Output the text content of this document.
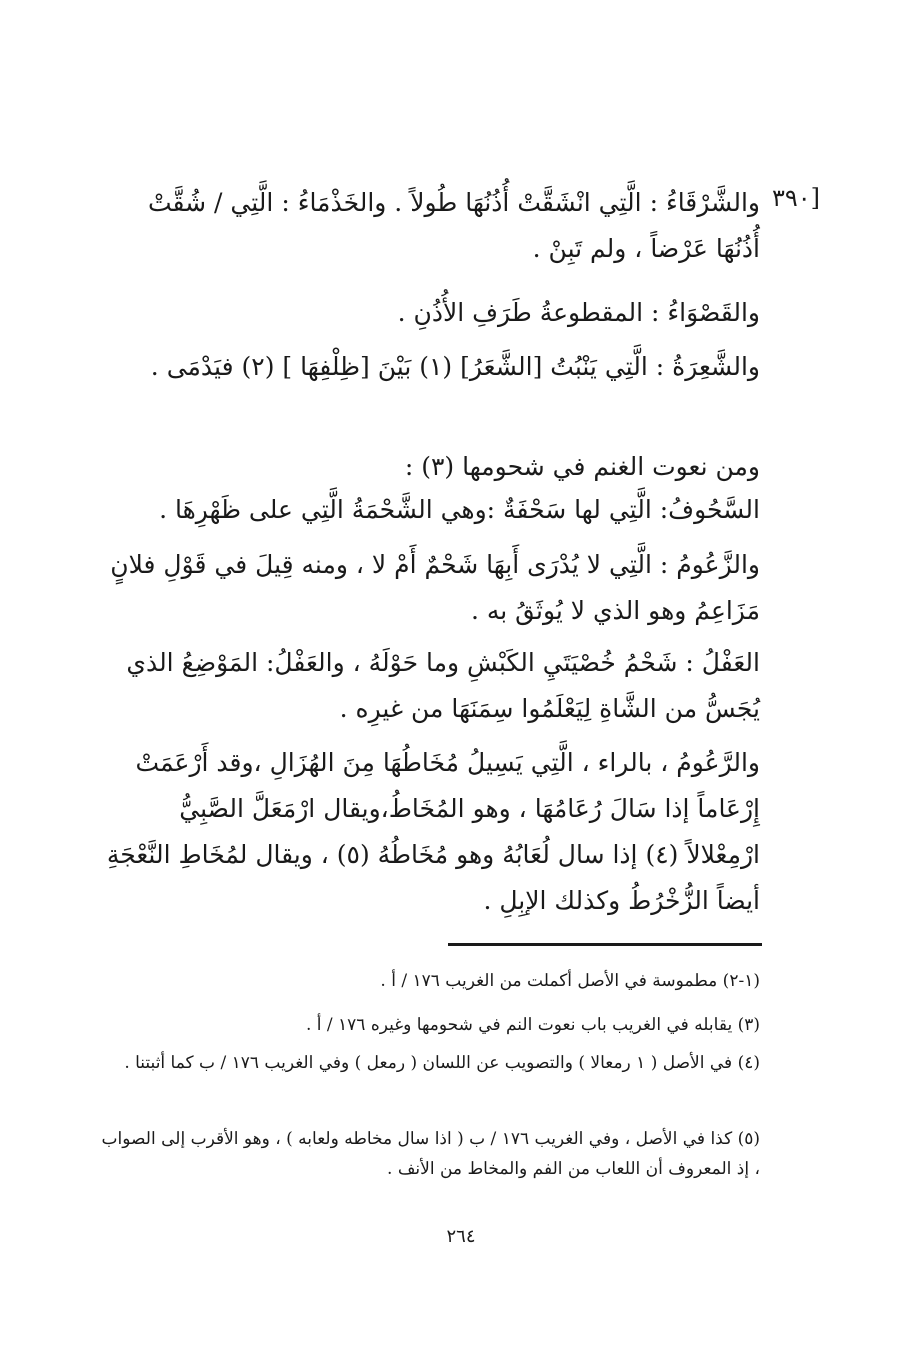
[٣٩٠

والشَّرْقَاءُ : الَّتِي انْشَقَّتْ أُذُنُهَا طُولاً . والخَذْمَاءُ : الَّتِي / شُقَّتْ أُذُنُهَا عَرْضاً ، ولم تَبِنْ .

والقَصْوَاءُ : المقطوعةُ طَرَفِ الأُذُنِ .

والشَّعِرَةُ : الَّتِي يَنْبُتُ [الشَّعَرُ] (١) بَيْنَ [ظِلْفِهَا ] (٢) فيَدْمَى .

ومن نعوت الغنم في شحومها (٣) :

السَّحُوفُ: الَّتِي لها سَحْفَةٌ :وهي الشَّحْمَةُ الَّتِي على ظَهْرِهَا .

والزَّعُومُ : الَّتِي لا يُدْرَى أَبِهَا شَحْمٌ أَمْ لا ، ومنه قِيلَ في قَوْلِ فلانٍ مَزَاعِمُ وهو الذي لا يُوثَقُ به .

العَفْلُ : شَحْمُ خُصْيَتَيِ الكَبْشِ وما حَوْلَهُ ، والعَفْلُ: المَوْضِعُ الذي يُجَسُّ من الشَّاةِ لِيَعْلَمُوا سِمَنَهَا من غيرِه .

والرَّعُومُ ، بالراء ، الَّتِي يَسِيلُ مُخَاطُهَا مِنَ الهُزَالِ ،وقد أَرْعَمَتْ إِرْعَاماً إذا سَالَ رُعَامُهَا ، وهو المُخَاطُ،ويقال ارْمَعَلَّ الصَّبِيُّ ارْمِعْلالاً (٤) إذا سال لُعَابُهُ وهو مُخَاطُهُ (٥) ، ويقال لمُخَاطِ النَّعْجَةِ أيضاً الزُّخْرُطُ وكذلك الإبِلِ .

(١-٢) مطموسة في الأصل أكملت من الغريب ١٧٦ / أ .

(٣) يقابله في الغريب باب نعوت النم في شحومها وغيره ١٧٦ / أ .

(٤) في الأصل ( ١ رمعالا ) والتصويب عن اللسان ( رمعل ) وفي الغريب ١٧٦ / ب كما أثبتنا .

(٥) كذا في الأصل ، وفي الغريب ١٧٦ / ب ( اذا سال مخاطه ولعابه ) ، وهو الأقرب إلى الصواب ، إذ المعروف أن اللعاب من الفم والمخاط من الأنف .

٢٦٤
